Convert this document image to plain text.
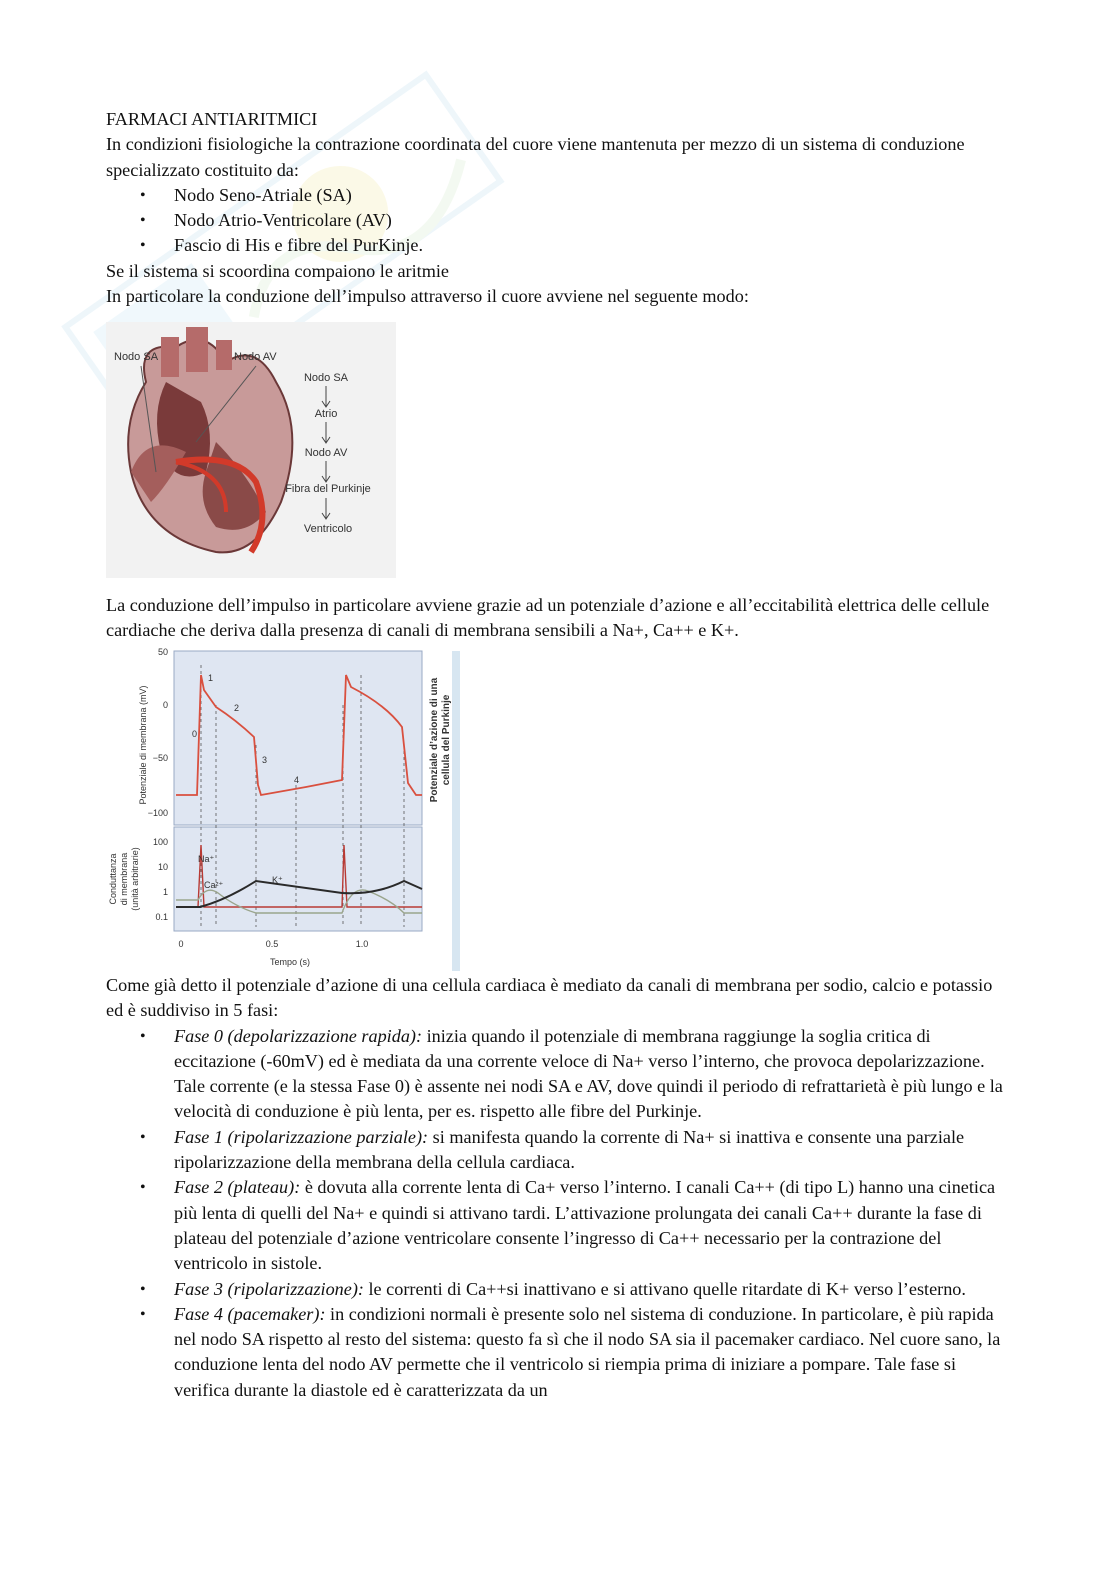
FARMACI ANTIARITMICI

In condizioni fisiologiche la contrazione coordinata del cuore viene mantenuta per mezzo di un sistema di conduzione specializzato costituito da:

• Nodo Seno-Atriale (SA)
• Nodo Atrio-Ventricolare (AV)
• Fascio di His e fibre del PurKinje.

Se il sistema si scoordina compaiono le aritmie

In particolare la conduzione dell’impulso attraverso il cuore avviene nel seguente modo:

Nodo SA	Nodo AV
Nodo SA
Atrio
Nodo AV
Fibra del Purkinje
Ventricolo

La conduzione dell’impulso in particolare avviene grazie ad un potenziale d’azione e all’eccitabilità elettrica delle cellule cardiache che deriva dalla presenza di canali di membrana sensibili a Na+, Ca++ e K+.

50
0
−50
−100
Potenziale di membrana (mV)
1
2
0
3
4	Potenziale d’azione di una cellula del Purkinje
100
10
1
0.1
Conduttanza di membrana (unità arbitrarie)	Na⁺
Ca²⁺	K⁺
0	0.5	1.0
Tempo (s)

Come già detto il potenziale d’azione di una cellula cardiaca è mediato da canali di membrana per sodio, calcio e potassio ed è suddiviso in 5 fasi:

• Fase 0 (depolarizzazione rapida): inizia quando il potenziale di membrana raggiunge la soglia critica di eccitazione (-60mV) ed è mediata da una corrente veloce di Na+ verso l’interno, che provoca depolarizzazione. Tale corrente (e la stessa Fase 0) è assente nei nodi SA e AV, dove quindi il periodo di refrattarietà è più lungo e la velocità di conduzione è più lenta, per es. rispetto alle fibre del Purkinje.
• Fase 1 (ripolarizzazione parziale): si manifesta quando la corrente di Na+ si inattiva e consente una parziale ripolarizzazione della membrana della cellula cardiaca.
• Fase 2 (plateau): è dovuta alla corrente lenta di Ca+ verso l’interno. I canali Ca++ (di tipo L) hanno una cinetica più lenta di quelli del Na+ e quindi si attivano tardi. L’attivazione prolungata dei canali Ca++ durante la fase di plateau del potenziale d’azione ventricolare consente l’ingresso di Ca++ necessario per la contrazione del ventricolo in sistole.
• Fase 3 (ripolarizzazione): le correnti di Ca++si inattivano e si attivano quelle ritardate di K+ verso l’esterno.
• Fase 4 (pacemaker): in condizioni normali è presente solo nel sistema di conduzione. In particolare, è più rapida nel nodo SA rispetto al resto del sistema: questo fa sì che il nodo SA sia il pacemaker cardiaco. Nel cuore sano, la conduzione lenta del nodo AV permette che il ventricolo si riempia prima di iniziare a pompare. Tale fase si verifica durante la diastole ed è caratterizzata da un
